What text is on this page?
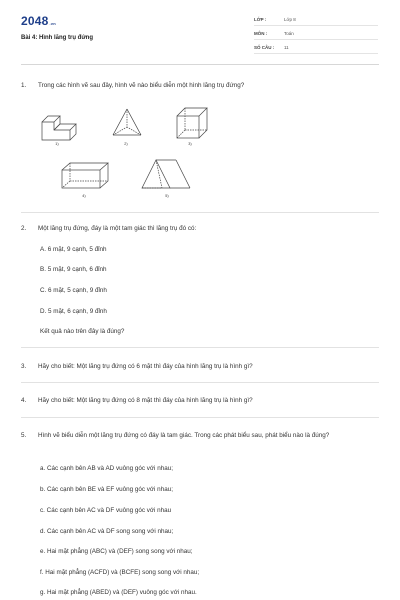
2048.vn
Bài 4: Hình lăng trụ đứng
LỚP :	Lớp 8
MÔN :	Toán
SỐ CÂU : 11
1. Trong các hình vẽ sau đây, hình vẽ nào biểu diễn một hình lăng trụ đứng?
1)	2)	3)
4)	5)
2. Một lăng trụ đứng, đáy là một tam giác thì lăng trụ đó có:
A. 6 mặt, 9 cạnh, 5 đỉnh
B. 5 mặt, 9 cạnh, 6 đỉnh
C. 6 mặt, 5 cạnh, 9 đỉnh
D. 5 mặt, 6 cạnh, 9 đỉnh
Kết quả nào trên đây là đúng?
3. Hãy cho biết: Một lăng trụ đứng có 6 mặt thì đáy của hình lăng trụ là hình gì?
4. Hãy cho biết: Một lăng trụ đứng có 8 mặt thì đáy của hình lăng trụ là hình gì?
5. Hình vẽ biểu diễn một lăng trụ đứng có đáy là tam giác. Trong các phát biểu sau, phát biểu nào là đúng?
a. Các cạnh bên AB và AD vuông góc với nhau;
b. Các cạnh bên BE và EF vuông góc với nhau;
c. Các cạnh bên AC và DF vuông góc với nhau
d. Các cạnh bên AC và DF song song với nhau;
e. Hai mặt phẳng (ABC) và (DEF) song song với nhau;
f. Hai mặt phẳng (ACFD) và (BCFE) song song với nhau;
g. Hai mặt phẳng (ABED) và (DEF) vuông góc với nhau.
